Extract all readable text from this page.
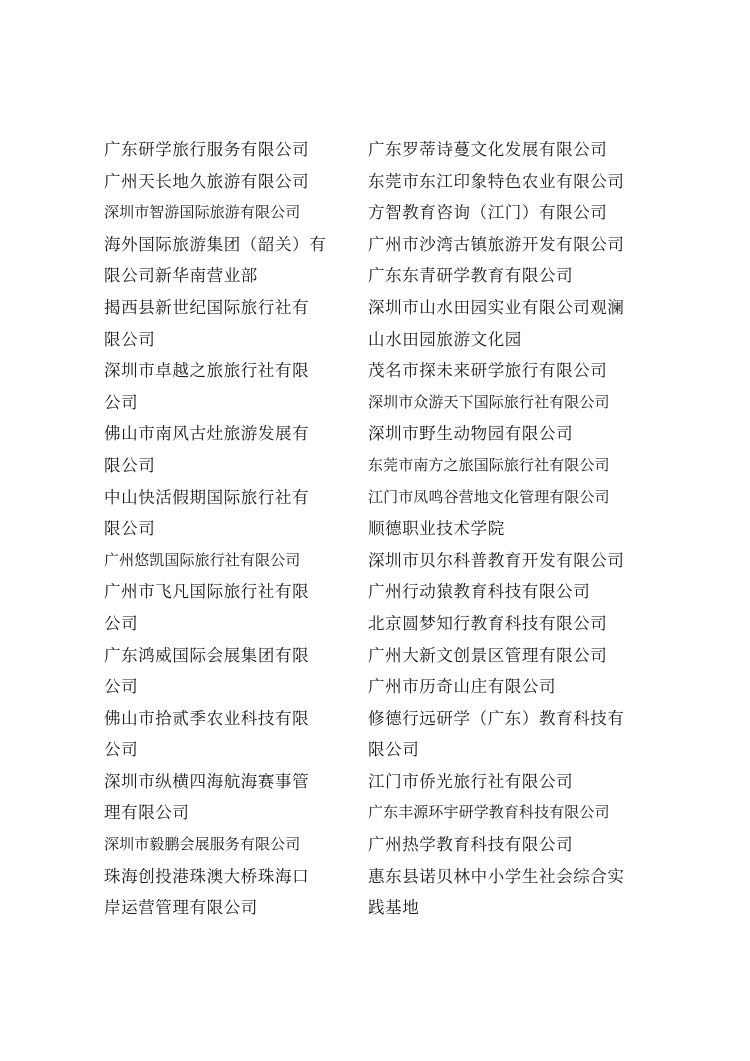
广东研学旅行服务有限公司
广州天长地久旅游有限公司
深圳市智游国际旅游有限公司
海外国际旅游集团（韶关）有
限公司新华南营业部
揭西县新世纪国际旅行社有
限公司
深圳市卓越之旅旅行社有限
公司
佛山市南风古灶旅游发展有
限公司
中山快活假期国际旅行社有
限公司
广州悠凯国际旅行社有限公司
广州市飞凡国际旅行社有限
公司
广东鸿威国际会展集团有限
公司
佛山市拾贰季农业科技有限
公司
深圳市纵横四海航海赛事管
理有限公司
深圳市毅鹏会展服务有限公司
珠海创投港珠澳大桥珠海口
岸运营管理有限公司
广东罗蒂诗蔓文化发展有限公司
东莞市东江印象特色农业有限公司
方智教育咨询（江门）有限公司
广州市沙湾古镇旅游开发有限公司
广东东青研学教育有限公司
深圳市山水田园实业有限公司观澜
山水田园旅游文化园
茂名市探未来研学旅行有限公司
深圳市众游天下国际旅行社有限公司
深圳市野生动物园有限公司
东莞市南方之旅国际旅行社有限公司
江门市凤鸣谷营地文化管理有限公司
顺德职业技术学院
深圳市贝尔科普教育开发有限公司
广州行动猿教育科技有限公司
北京圆梦知行教育科技有限公司
广州大新文创景区管理有限公司
广州市历奇山庄有限公司
修德行远研学（广东）教育科技有
限公司
江门市侨光旅行社有限公司
广东丰源环宇研学教育科技有限公司
广州热学教育科技有限公司
惠东县诺贝林中小学生社会综合实
践基地
